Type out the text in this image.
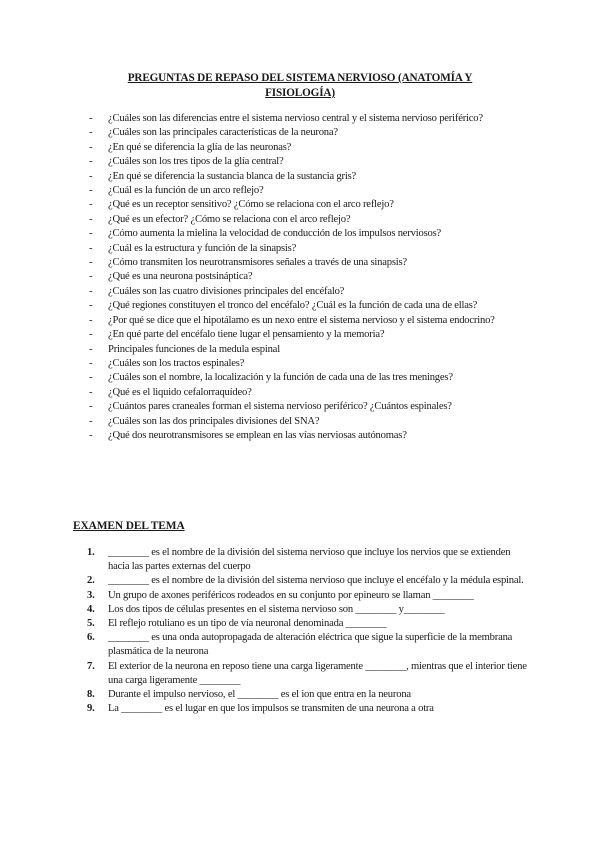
PREGUNTAS DE REPASO DEL SISTEMA NERVIOSO (ANATOMÍA Y FISIOLOGÍA)
- ¿Cuáles son las diferencias entre el sistema nervioso central y el sistema nervioso periférico?
- ¿Cuáles son las principales características de la neurona?
- ¿En qué se diferencia la glía de las neuronas?
- ¿Cuáles son los tres tipos de la glía central?
- ¿En qué se diferencia la sustancia blanca de la sustancia gris?
- ¿Cuál es la función de un arco reflejo?
- ¿Qué es un receptor sensitivo? ¿Cómo se relaciona con el arco reflejo?
- ¿Qué es un efector? ¿Cómo se relaciona con el arco reflejo?
- ¿Cómo aumenta la mielina la velocidad de conducción de los impulsos nerviosos?
- ¿Cuál es la estructura y función de la sinapsis?
- ¿Cómo transmiten los neurotransmisores señales a través de una sinapsis?
- ¿Qué es una neurona postsináptica?
- ¿Cuáles son las cuatro divisiones principales del encéfalo?
- ¿Qué regiones constituyen el tronco del encéfalo? ¿Cuál es la función de cada una de ellas?
- ¿Por qué se dice que el hipotálamo es un nexo entre el sistema nervioso y el sistema endocrino?
- ¿En qué parte del encéfalo tiene lugar el pensamiento y la memoria?
- Principales funciones de la medula espinal
- ¿Cuáles son los tractos espinales?
- ¿Cuáles son el nombre, la localización y la función de cada una de las tres meninges?
- ¿Qué es el liquido cefalorraquídeo?
- ¿Cuántos pares craneales forman el sistema nervioso periférico? ¿Cuántos espinales?
- ¿Cuáles son las dos principales divisiones del SNA?
- ¿Qué dos neurotransmisores se emplean en las vías nerviosas autónomas?
EXAMEN DEL TEMA
1. ________ es el nombre de la división del sistema nervioso que incluye los nervios que se extienden hacia las partes externas del cuerpo
2. ________ es el nombre de la división del sistema nervioso que incluye el encéfalo y la médula espinal.
3. Un grupo de axones periféricos rodeados en su conjunto por epineuro se llaman ________
4. Los dos tipos de células presentes en el sistema nervioso son ________ y________
5. El reflejo rotuliano es un tipo de vía neuronal denominada ________
6. ________ es una onda autopropagada de alteración eléctrica que sigue la superficie de la membrana plasmática de la neurona
7. El exterior de la neurona en reposo tiene una carga ligeramente ________, mientras que el interior tiene una carga ligeramente ________
8. Durante el impulso nervioso, el ________ es el ion que entra en la neurona
9. La ________ es el lugar en que los impulsos se transmiten de una neurona a otra
